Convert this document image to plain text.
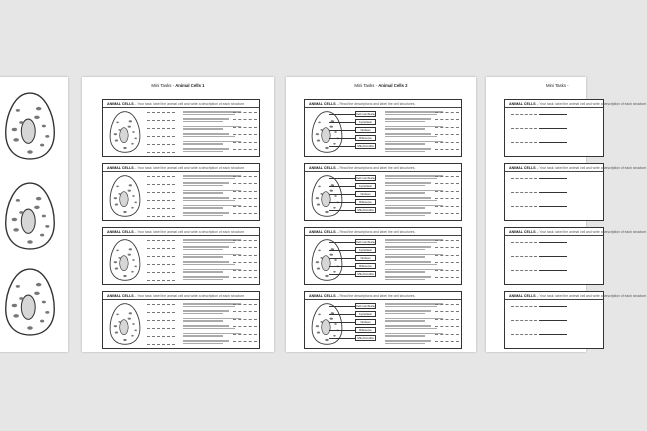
Mini Tasks - Animal Cells 1
ANIMAL CELLS – Your task: label the animal cell and write a description of each structure.
ANIMAL CELLS – Your task: label the animal cell and write a description of each structure.
ANIMAL CELLS – Your task: label the animal cell and write a description of each structure.
ANIMAL CELLS – Your task: label the animal cell and write a description of each structure.
Mini Tasks - Animal Cells 2
ANIMAL CELLS – Read the descriptions and label the cell structures.
Cell membrane
Cytoplasm
Nucleus
Ribosome
Mitochondria
ANIMAL CELLS – Read the descriptions and label the cell structures.
Cell membrane
Cytoplasm
Nucleus
Ribosome
Mitochondria
ANIMAL CELLS – Read the descriptions and label the cell structures.
Cell membrane
Cytoplasm
Nucleus
Ribosome
Mitochondria
ANIMAL CELLS – Read the descriptions and label the cell structures.
Cell membrane
Cytoplasm
Nucleus
Ribosome
Mitochondria
Mini Tasks -
ANIMAL CELLS – Your task: label the animal cell and write a description of each structure.
ANIMAL CELLS – Your task: label the animal cell and write a description of each structure.
ANIMAL CELLS – Your task: label the animal cell and write a description of each structure.
ANIMAL CELLS – Your task: label the animal cell and write a description of each structure.
